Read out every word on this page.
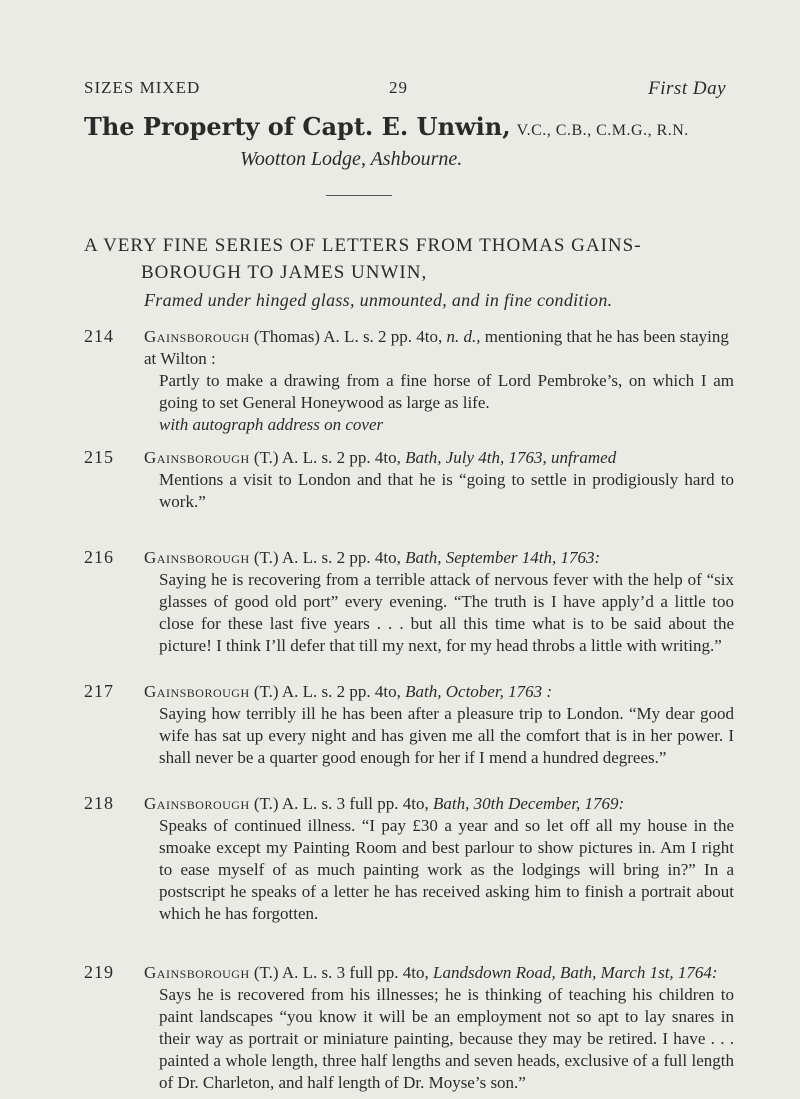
SIZES MIXED	29	First Day
The Property of Capt. E. Unwin, V.C., C.B., C.M.G., R.N.
Wootton Lodge, Ashbourne.
A VERY FINE SERIES OF LETTERS FROM THOMAS GAINS-
BOROUGH TO JAMES UNWIN,
Framed under hinged glass, unmounted, and in fine condition.
214 Gainsborough (Thomas) A. L. s. 2 pp. 4to, n. d., mentioning that he has been staying at Wilton :
Partly to make a drawing from a fine horse of Lord Pembroke’s, on which I am going to set General Honeywood as large as life.
with autograph address on cover
215 Gainsborough (T.) A. L. s. 2 pp. 4to, Bath, July 4th, 1763, unframed
Mentions a visit to London and that he is “going to settle in prodigiously hard to work.”
216 Gainsborough (T.) A. L. s. 2 pp. 4to, Bath, September 14th, 1763:
Saying he is recovering from a terrible attack of nervous fever with the help of “six glasses of good old port” every evening. “The truth is I have apply’d a little too close for these last five years . . . but all this time what is to be said about the picture! I think I’ll defer that till my next, for my head throbs a little with writing.”
217 Gainsborough (T.) A. L. s. 2 pp. 4to, Bath, October, 1763 :
Saying how terribly ill he has been after a pleasure trip to London. “My dear good wife has sat up every night and has given me all the comfort that is in her power. I shall never be a quarter good enough for her if I mend a hundred degrees.”
218 Gainsborough (T.) A. L. s. 3 full pp. 4to, Bath, 30th December, 1769:
Speaks of continued illness. “I pay £30 a year and so let off all my house in the smoake except my Painting Room and best parlour to show pictures in. Am I right to ease myself of as much painting work as the lodgings will bring in?” In a postscript he speaks of a letter he has received asking him to finish a portrait about which he has forgotten.
219 Gainsborough (T.) A. L. s. 3 full pp. 4to, Landsdown Road, Bath, March 1st, 1764:
Says he is recovered from his illnesses; he is thinking of teaching his children to paint landscapes “you know it will be an employment not so apt to lay snares in their way as portrait or miniature painting, because they may be retired. I have . . . painted a whole length, three half lengths and seven heads, exclusive of a full length of Dr. Charleton, and half length of Dr. Moyse’s son.”
